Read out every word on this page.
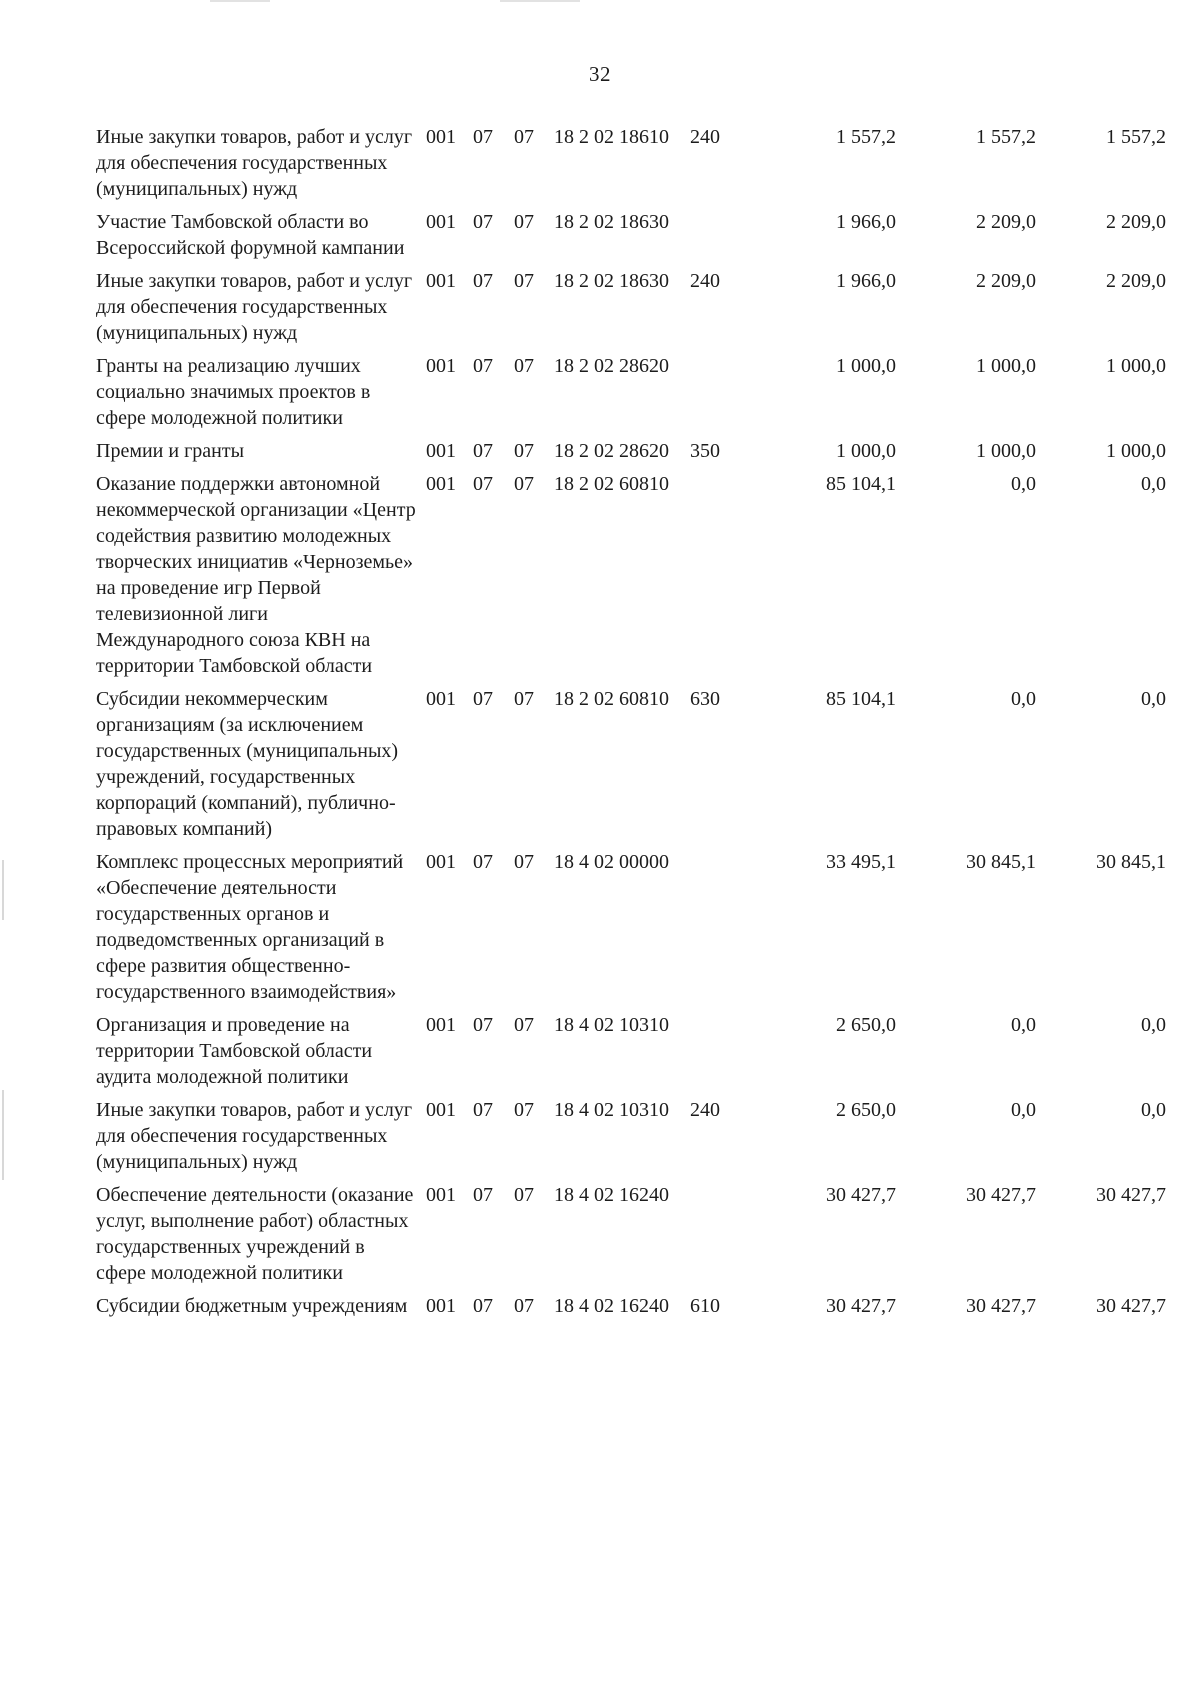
32
Иные закупки товаров, работ и услуг для обеспечения государственных (муниципальных) нужд	001	07	07	18 2 02 18610	240	1 557,2	1 557,2	1 557,2
Участие Тамбовской области во Всероссийской форумной кампании	001	07	07	18 2 02 18630		1 966,0	2 209,0	2 209,0
Иные закупки товаров, работ и услуг для обеспечения государственных (муниципальных) нужд	001	07	07	18 2 02 18630	240	1 966,0	2 209,0	2 209,0
Гранты на реализацию лучших социально значимых проектов в сфере молодежной политики	001	07	07	18 2 02 28620		1 000,0	1 000,0	1 000,0
Премии и гранты	001	07	07	18 2 02 28620	350	1 000,0	1 000,0	1 000,0
Оказание поддержки автономной некоммерческой организации «Центр содействия развитию молодежных творческих инициатив «Черноземье» на проведение игр Первой телевизионной лиги Международного союза КВН на территории Тамбовской области	001	07	07	18 2 02 60810		85 104,1	0,0	0,0
Субсидии некоммерческим организациям (за исключением государственных (муниципальных) учреждений, государственных корпораций (компаний), публично-правовых компаний)	001	07	07	18 2 02 60810	630	85 104,1	0,0	0,0
Комплекс процессных мероприятий «Обеспечение деятельности государственных органов и подведомственных организаций в сфере развития общественно-государственного взаимодействия»	001	07	07	18 4 02 00000		33 495,1	30 845,1	30 845,1
Организация и проведение на территории Тамбовской области аудита молодежной политики	001	07	07	18 4 02 10310		2 650,0	0,0	0,0
Иные закупки товаров, работ и услуг для обеспечения государственных (муниципальных) нужд	001	07	07	18 4 02 10310	240	2 650,0	0,0	0,0
Обеспечение деятельности (оказание услуг, выполнение работ) областных государственных учреждений в сфере молодежной политики	001	07	07	18 4 02 16240		30 427,7	30 427,7	30 427,7
Субсидии бюджетным учреждениям	001	07	07	18 4 02 16240	610	30 427,7	30 427,7	30 427,7
